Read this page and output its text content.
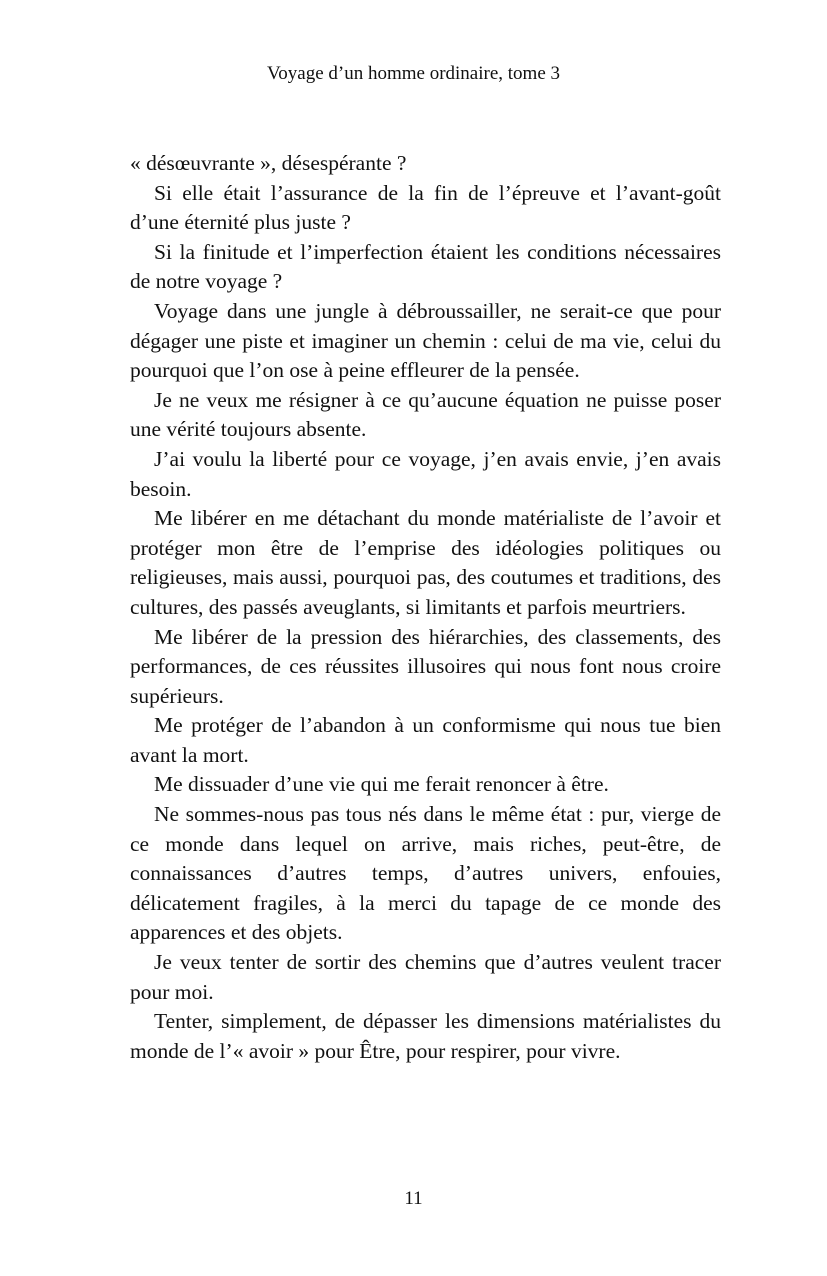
Voyage d’un homme ordinaire, tome 3

« désœuvrante », désespérante ?

Si elle était l’assurance de la fin de l’épreuve et l’avant-goût d’une éternité plus juste ?

Si la finitude et l’imperfection étaient les conditions nécessaires de notre voyage ?

Voyage dans une jungle à débroussailler, ne serait-ce que pour dégager une piste et imaginer un chemin : celui de ma vie, celui du pourquoi que l’on ose à peine effleurer de la pensée.

Je ne veux me résigner à ce qu’aucune équation ne puisse poser une vérité toujours absente.

J’ai voulu la liberté pour ce voyage, j’en avais envie, j’en avais besoin.

Me libérer en me détachant du monde matérialiste de l’avoir et protéger mon être de l’emprise des idéologies politiques ou religieuses, mais aussi, pourquoi pas, des coutumes et traditions, des cultures, des passés aveuglants, si limitants et parfois meurtriers.

Me libérer de la pression des hiérarchies, des classements, des performances, de ces réussites illusoires qui nous font nous croire supérieurs.

Me protéger de l’abandon à un conformisme qui nous tue bien avant la mort.

Me dissuader d’une vie qui me ferait renoncer à être.

Ne sommes-nous pas tous nés dans le même état : pur, vierge de ce monde dans lequel on arrive, mais riches, peut-être, de connaissances d’autres temps, d’autres univers, enfouies, délicatement fragiles, à la merci du tapage de ce monde des apparences et des objets.

Je veux tenter de sortir des chemins que d’autres veulent tracer pour moi.

Tenter, simplement, de dépasser les dimensions matérialistes du monde de l’« avoir » pour Être, pour respirer, pour vivre.

11
